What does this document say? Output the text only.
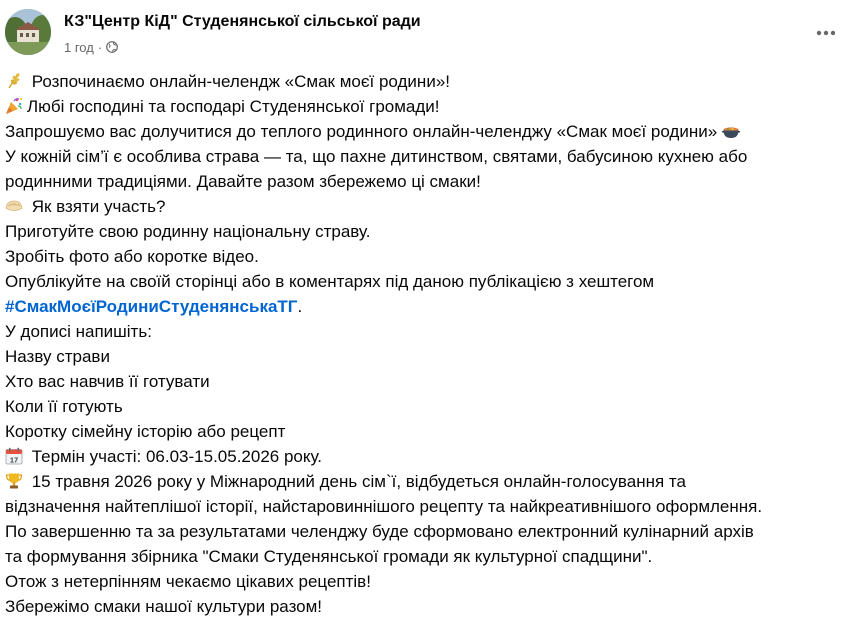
КЗ"Центр КіД" Студенянської сільської ради
1 год ·
Розпочинаємо онлайн-челендж «Смак моєї родини»!
Любі господині та господарі Студенянської громади!
Запрошуємо вас долучитися до теплого родинного онлайн-челенджу «Смак моєї родини»
У кожній сім’ї є особлива страва — та, що пахне дитинством, святами, бабусиною кухнею або
родинними традиціями. Давайте разом збережемо ці смаки!
Як взяти участь?
Приготуйте свою родинну національну страву.
Зробіть фото або коротке відео.
Опублікуйте на своїй сторінці або в коментарях під даною публікацією з хештегом
#СмакМоєїРодиниСтуденянськаТГ.
У дописі напишіть:
Назву страви
Хто вас навчив її готувати
Коли її готують
Коротку сімейну історію або рецепт
17 Термін участі: 06.03-15.05.2026 року.
15 травня 2026 року у Міжнародний день сім`ї, відбудеться онлайн-голосування та
відзначення найтеплішої історії, найстаровиннішого рецепту та найкреативнішого оформлення.
По завершенню та за результатами челенджу буде сформовано електронний кулінарний архів
та формування збірника "Смаки Студенянської громади як культурної спадщини".
Отож з нетерпінням чекаємо цікавих рецептів!
Збережімо смаки нашої культури разом!
